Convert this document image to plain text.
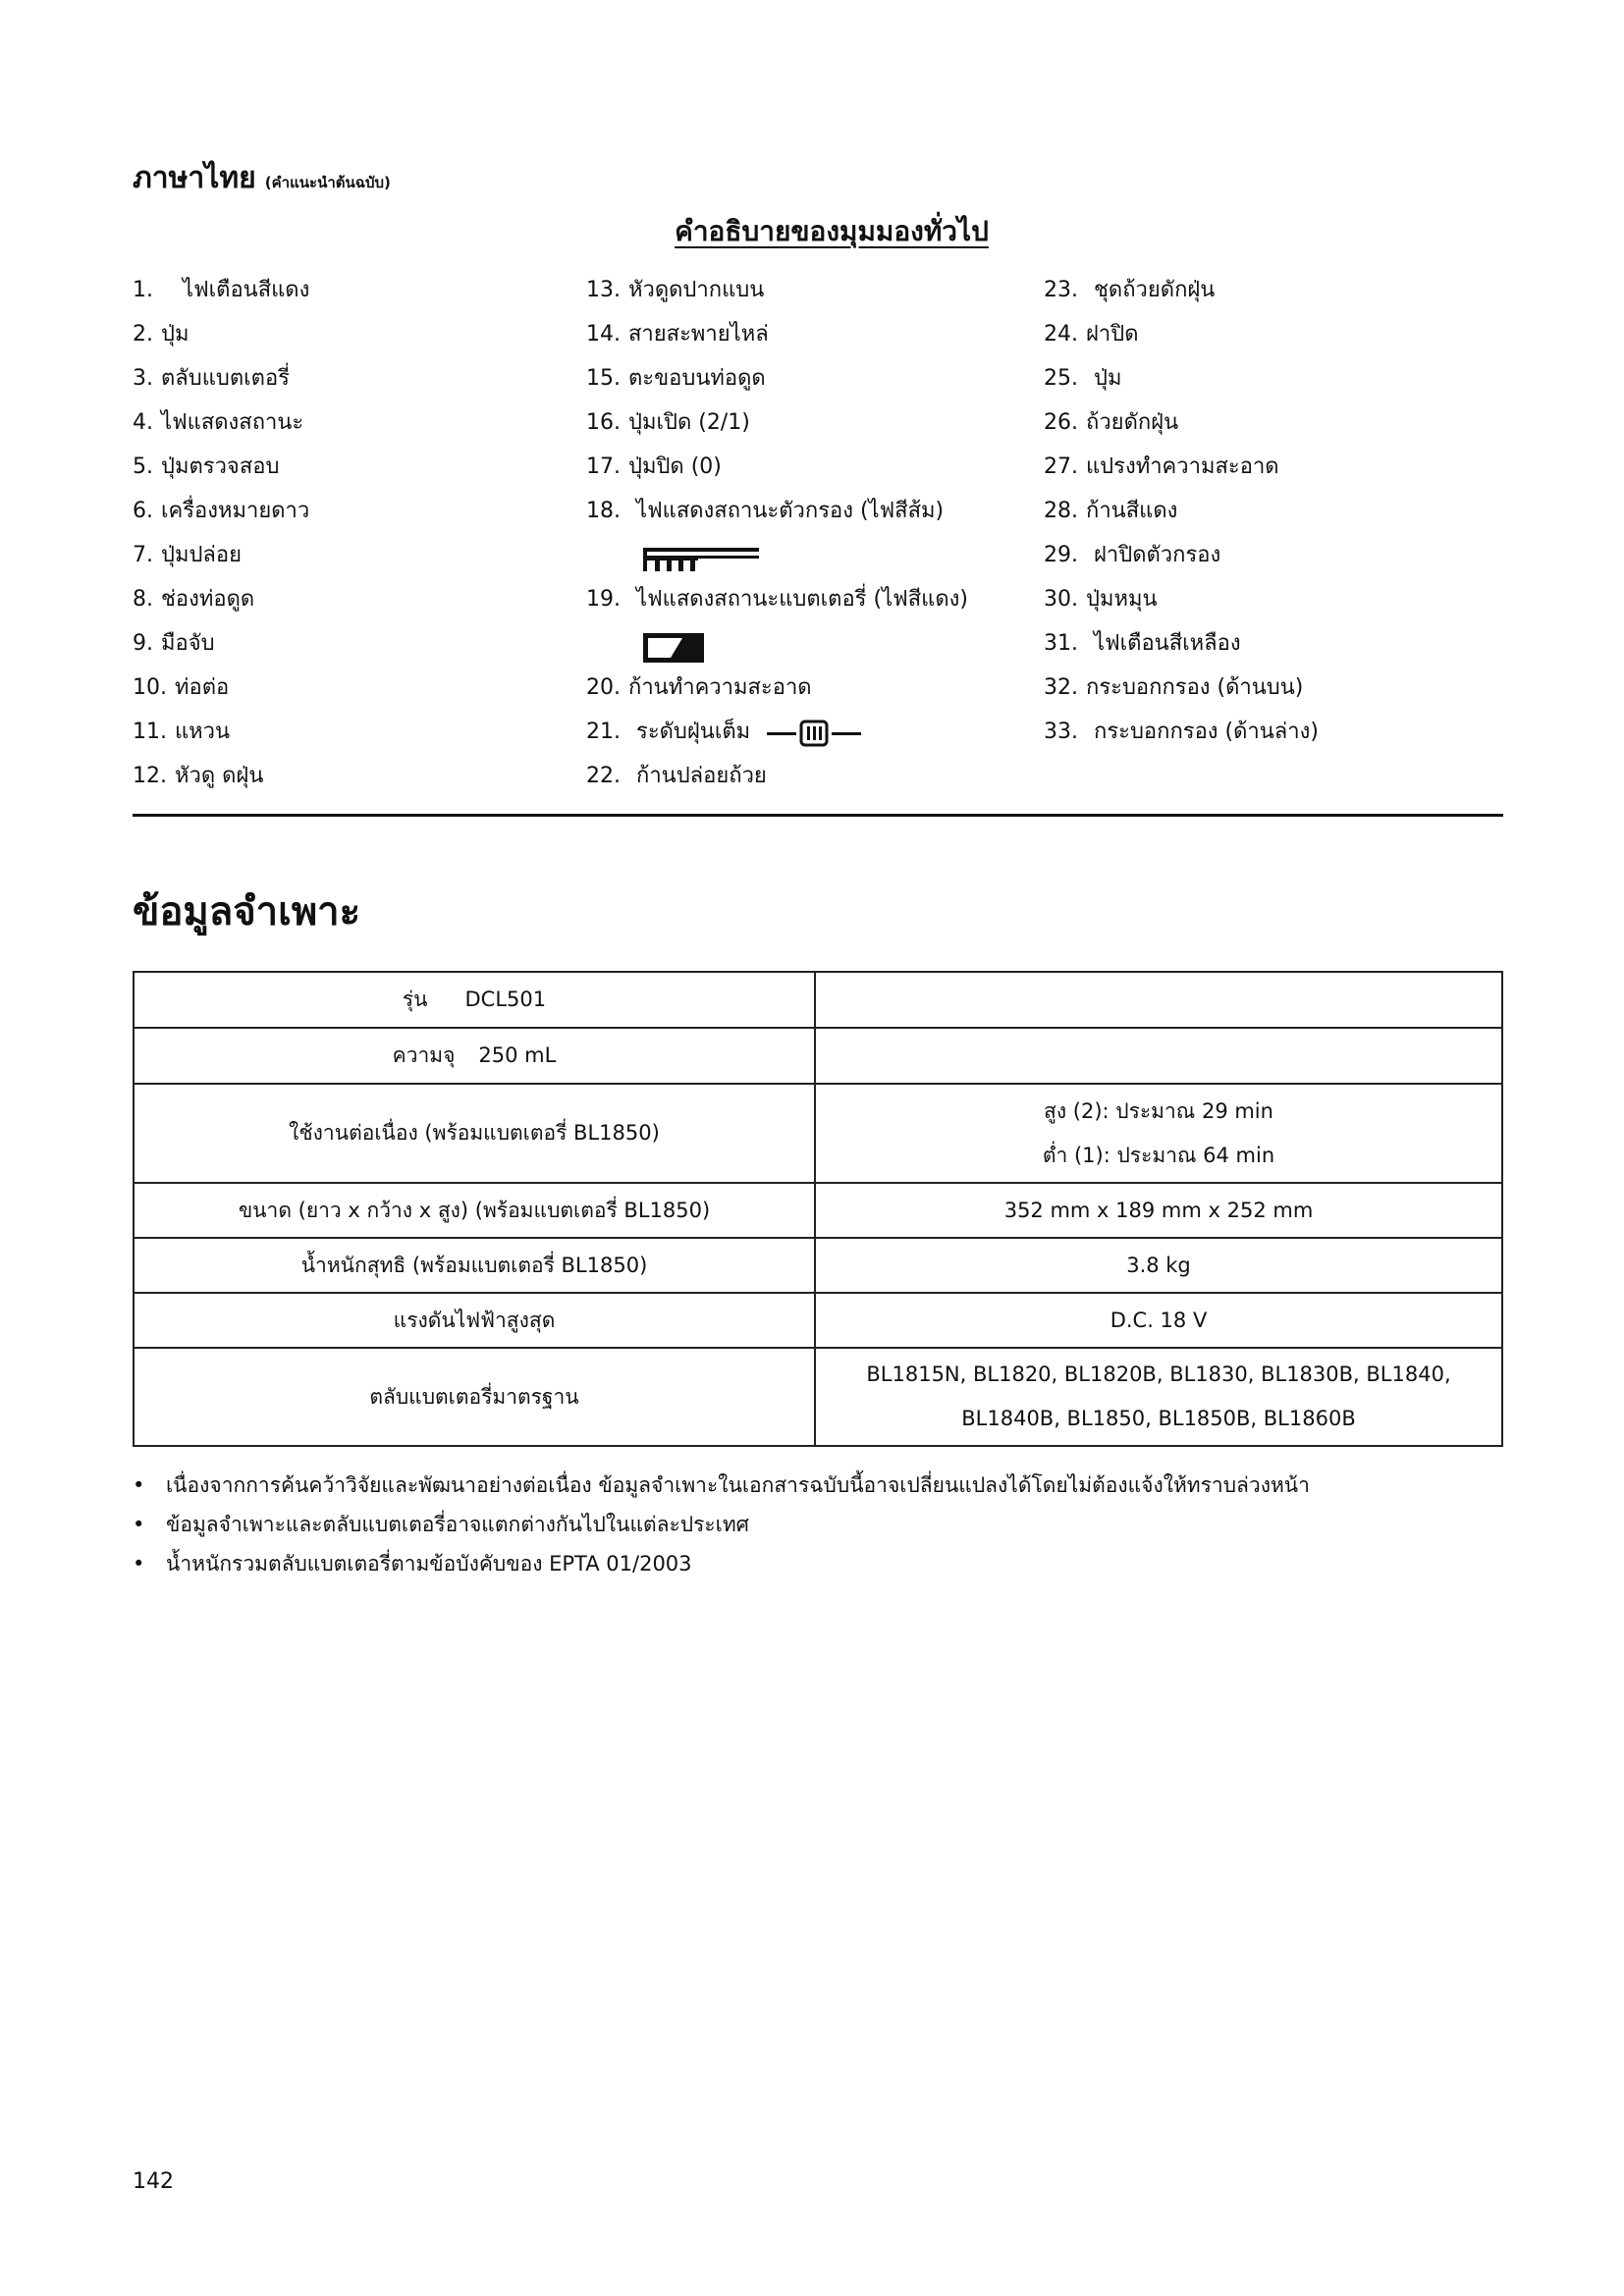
ภาษาไทย (คำแนะนำต้นฉบับ)
คำอธิบายของมุมมองทั่วไป
1. ไฟเตือนสีแดง
2. ปุ่ม
3. ตลับแบตเตอรี่
4. ไฟแสดงสถานะ
5. ปุ่มตรวจสอบ
6. เครื่องหมายดาว
7. ปุ่มปล่อย
8. ช่องท่อดูด
9. มือจับ
10. ท่อต่อ
11. แหวน
12. หัวดู ดฝุ่น
13. หัวดูดปากแบน
14. สายสะพายไหล่
15. ตะขอบนท่อดูด
16. ปุ่มเปิด (2/1)
17. ปุ่มปิด (0)
18. ไฟแสดงสถานะตัวกรอง (ไฟสีส้ม)
19. ไฟแสดงสถานะแบตเตอรี่ (ไฟสีแดง)
20. ก้านทำความสะอาด
21. ระดับฝุ่นเต็ม
22. ก้านปล่อยถ้วย
23. ชุดถ้วยดักฝุ่น
24. ฝาปิด
25. ปุ่ม
26. ถ้วยดักฝุ่น
27. แปรงทำความสะอาด
28. ก้านสีแดง
29. ฝาปิดตัวกรอง
30. ปุ่มหมุน
31. ไฟเตือนสีเหลือง
32. กระบอกกรอง (ด้านบน)
33. กระบอกกรอง (ด้านล่าง)
ข้อมูลจำเพาะ
รุ่น DCL501	
ความจุ 250 mL	
ใช้งานต่อเนื่อง (พร้อมแบตเตอรี่ BL1850)	สูง (2): ประมาณ 29 min
ต่ำ (1): ประมาณ 64 min

ขนาด (ยาว x กว้าง x สูง) (พร้อมแบตเตอรี่ BL1850)	352 mm x 189 mm x 252 mm
น้ำหนักสุทธิ (พร้อมแบตเตอรี่ BL1850)	3.8 kg
แรงดันไฟฟ้าสูงสุด	D.C. 18 V
ตลับแบตเตอรี่มาตรฐาน	BL1815N, BL1820, BL1820B, BL1830, BL1830B, BL1840,
BL1840B, BL1850, BL1850B, BL1860B
• เนื่องจากการค้นคว้าวิจัยและพัฒนาอย่างต่อเนื่อง ข้อมูลจำเพาะในเอกสารฉบับนี้อาจเปลี่ยนแปลงได้โดยไม่ต้องแจ้งให้ทราบล่วงหน้า
• ข้อมูลจำเพาะและตลับแบตเตอรี่อาจแตกต่างกันไปในแต่ละประเทศ
• น้ำหนักรวมตลับแบตเตอรี่ตามข้อบังคับของ EPTA 01/2003
142
